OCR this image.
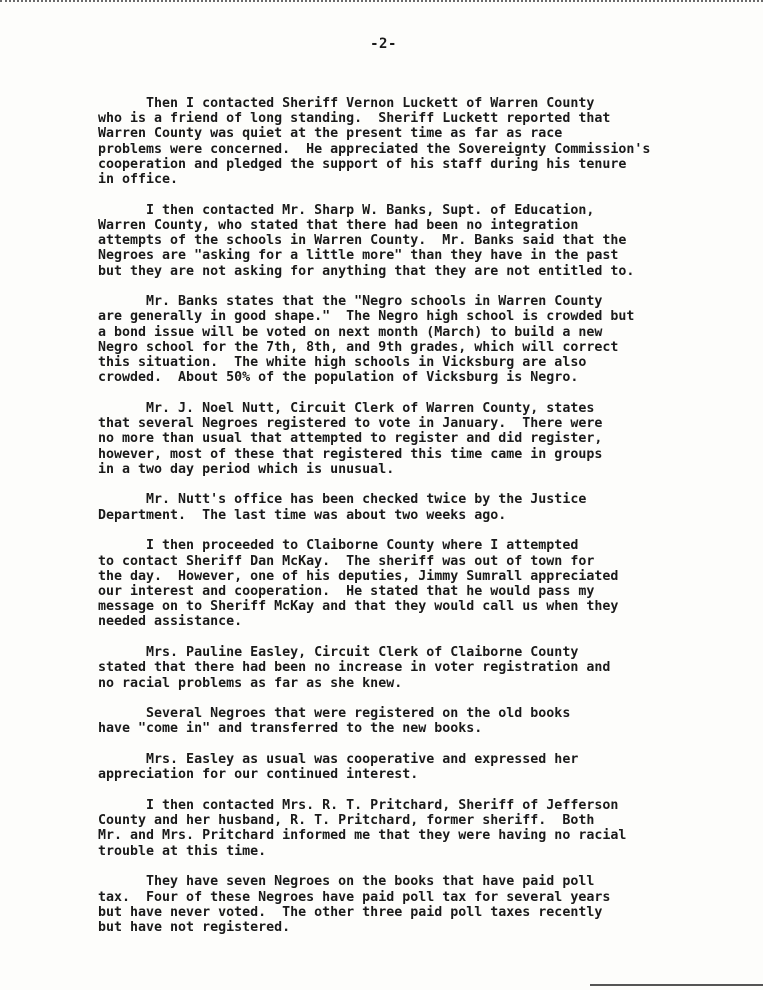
-2-

Then I contacted Sheriff Vernon Luckett of Warren County
who is a friend of long standing.  Sheriff Luckett reported that
Warren County was quiet at the present time as far as race
problems were concerned.  He appreciated the Sovereignty Commission's
cooperation and pledged the support of his staff during his tenure
in office.

I then contacted Mr. Sharp W. Banks, Supt. of Education,
Warren County, who stated that there had been no integration
attempts of the schools in Warren County.  Mr. Banks said that the
Negroes are "asking for a little more" than they have in the past
but they are not asking for anything that they are not entitled to.

Mr. Banks states that the "Negro schools in Warren County
are generally in good shape."  The Negro high school is crowded but
a bond issue will be voted on next month (March) to build a new
Negro school for the 7th, 8th, and 9th grades, which will correct
this situation.  The white high schools in Vicksburg are also
crowded.  About 50% of the population of Vicksburg is Negro.

Mr. J. Noel Nutt, Circuit Clerk of Warren County, states
that several Negroes registered to vote in January.  There were
no more than usual that attempted to register and did register,
however, most of these that registered this time came in groups
in a two day period which is unusual.

Mr. Nutt's office has been checked twice by the Justice
Department.  The last time was about two weeks ago.

I then proceeded to Claiborne County where I attempted
to contact Sheriff Dan McKay.  The sheriff was out of town for
the day.  However, one of his deputies, Jimmy Sumrall appreciated
our interest and cooperation.  He stated that he would pass my
message on to Sheriff McKay and that they would call us when they
needed assistance.

Mrs. Pauline Easley, Circuit Clerk of Claiborne County
stated that there had been no increase in voter registration and
no racial problems as far as she knew.

Several Negroes that were registered on the old books
have "come in" and transferred to the new books.

Mrs. Easley as usual was cooperative and expressed her
appreciation for our continued interest.

I then contacted Mrs. R. T. Pritchard, Sheriff of Jefferson
County and her husband, R. T. Pritchard, former sheriff.  Both
Mr. and Mrs. Pritchard informed me that they were having no racial
trouble at this time.

They have seven Negroes on the books that have paid poll
tax.  Four of these Negroes have paid poll tax for several years
but have never voted.  The other three paid poll taxes recently
but have not registered.
